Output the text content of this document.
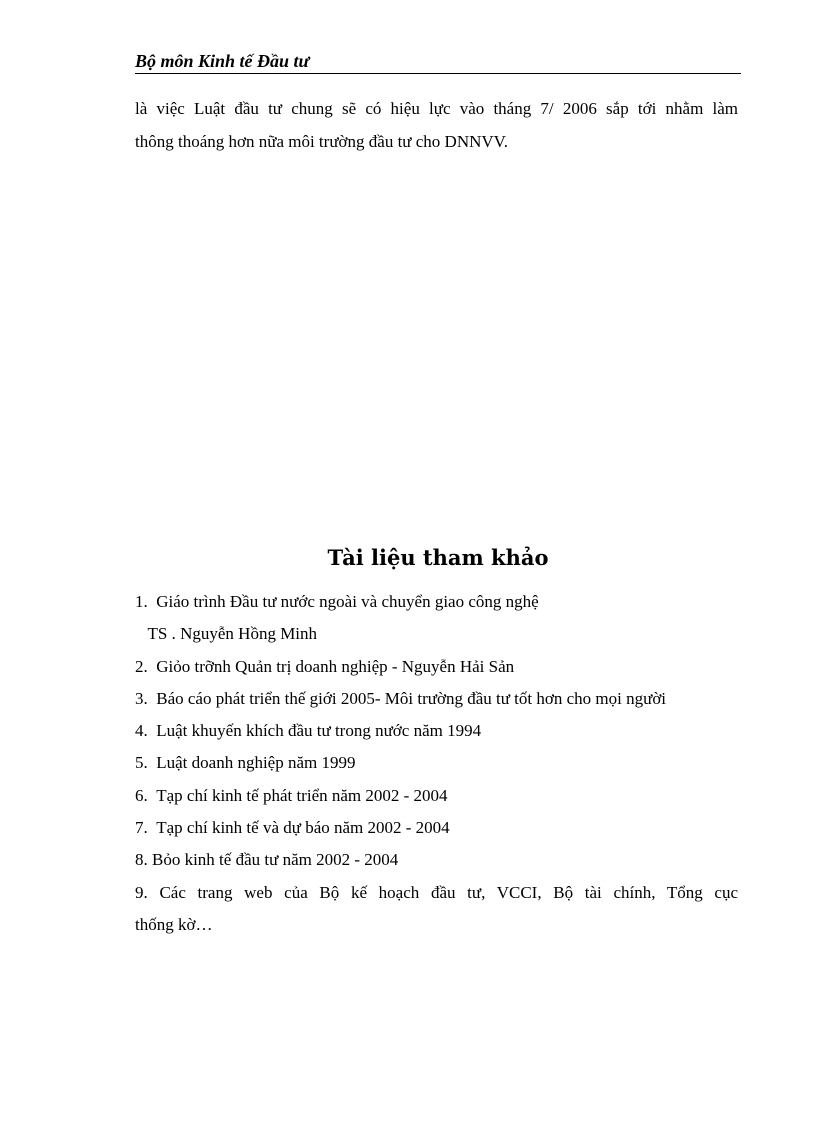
Bộ môn Kinh tế Đầu tư

là việc Luật đầu tư chung sẽ có hiệu lực vào tháng 7/ 2006 sắp tới nhằm làm
thông thoáng hơn nữa môi trường đầu tư cho DNNVV.

Tài liệu tham khảo
1. Giáo trình Đầu tư nước ngoài và chuyển giao công nghệ
TS . Nguyễn Hồng Minh
2. Giỏo trỡnh Quản trị doanh nghiệp - Nguyễn Hải Sản
3. Báo cáo phát triển thế giới 2005- Môi trường đầu tư tốt hơn cho mọi người
4. Luật khuyến khích đầu tư trong nước năm 1994
5. Luật doanh nghiệp năm 1999
6. Tạp chí kinh tế phát triển năm 2002 - 2004
7. Tạp chí kinh tế và dự báo năm 2002 - 2004
8. Bỏo kinh tế đầu tư năm 2002 - 2004
9. Các trang web của Bộ kế hoạch đầu tư, VCCI, Bộ tài chính, Tổng cục
thống kờ…
